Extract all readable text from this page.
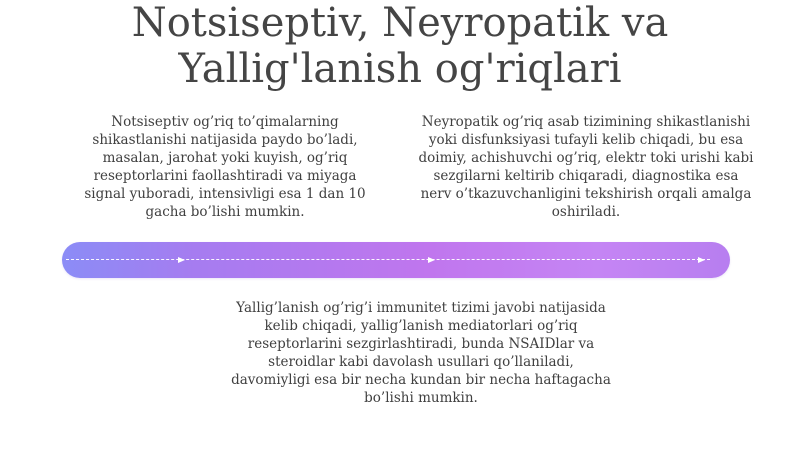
Notsiseptiv, Neyropatik va
Yallig'lanish og'riqlari
Notsiseptiv og’riq to’qimalarning shikastlanishi natijasida paydo bo’ladi, masalan, jarohat yoki kuyish, og’riq reseptorlarini faollashtiradi va miyaga signal yuboradi, intensivligi esa 1 dan 10 gacha bo’lishi mumkin.
Neyropatik og’riq asab tizimining shikastlanishi yoki disfunksiyasi tufayli kelib chiqadi, bu esa doimiy, achishuvchi og’riq, elektr toki urishi kabi sezgilarni keltirib chiqaradi, diagnostika esa nerv o’tkazuvchanligini tekshirish orqali amalga oshiriladi.
Yallig’lanish og’rig’i immunitet tizimi javobi natijasida kelib chiqadi, yallig’lanish mediatorlari og’riq reseptorlarini sezgirlashtiradi, bunda NSAIDlar va steroidlar kabi davolash usullari qo’llaniladi, davomiyligi esa bir necha kundan bir necha haftagacha bo’lishi mumkin.
